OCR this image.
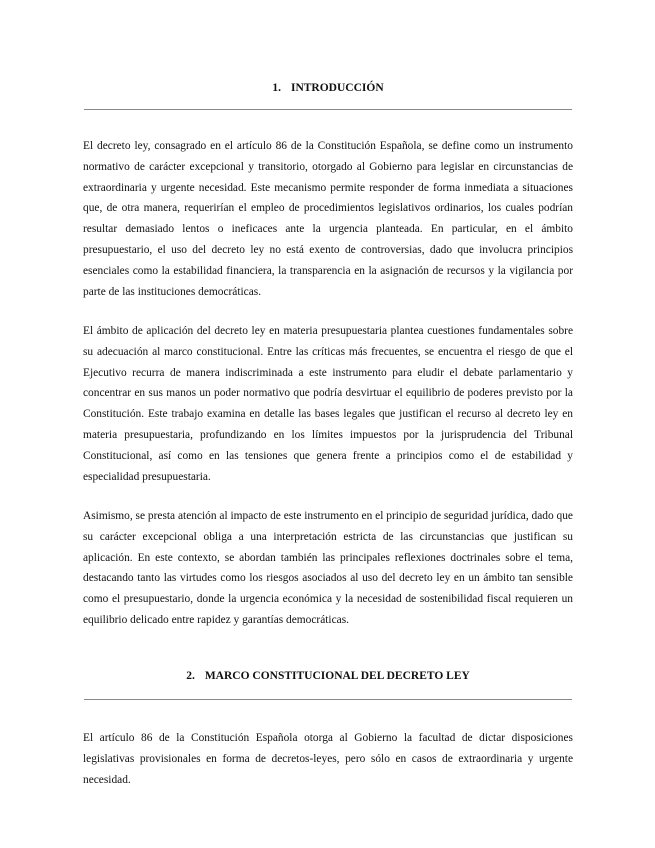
1. INTRODUCCIÓN

El decreto ley, consagrado en el artículo 86 de la Constitución Española, se define como un instrumento normativo de carácter excepcional y transitorio, otorgado al Gobierno para legislar en circunstancias de extraordinaria y urgente necesidad. Este mecanismo permite responder de forma inmediata a situaciones que, de otra manera, requerirían el empleo de procedimientos legislativos ordinarios, los cuales podrían resultar demasiado lentos o ineficaces ante la urgencia planteada. En particular, en el ámbito presupuestario, el uso del decreto ley no está exento de controversias, dado que involucra principios esenciales como la estabilidad financiera, la transparencia en la asignación de recursos y la vigilancia por parte de las instituciones democráticas.

El ámbito de aplicación del decreto ley en materia presupuestaria plantea cuestiones fundamentales sobre su adecuación al marco constitucional. Entre las críticas más frecuentes, se encuentra el riesgo de que el Ejecutivo recurra de manera indiscriminada a este instrumento para eludir el debate parlamentario y concentrar en sus manos un poder normativo que podría desvirtuar el equilibrio de poderes previsto por la Constitución. Este trabajo examina en detalle las bases legales que justifican el recurso al decreto ley en materia presupuestaria, profundizando en los límites impuestos por la jurisprudencia del Tribunal Constitucional, así como en las tensiones que genera frente a principios como el de estabilidad y especialidad presupuestaria.

Asimismo, se presta atención al impacto de este instrumento en el principio de seguridad jurídica, dado que su carácter excepcional obliga a una interpretación estricta de las circunstancias que justifican su aplicación. En este contexto, se abordan también las principales reflexiones doctrinales sobre el tema, destacando tanto las virtudes como los riesgos asociados al uso del decreto ley en un ámbito tan sensible como el presupuestario, donde la urgencia económica y la necesidad de sostenibilidad fiscal requieren un equilibrio delicado entre rapidez y garantías democráticas.

2. MARCO CONSTITUCIONAL DEL DECRETO LEY

El artículo 86 de la Constitución Española otorga al Gobierno la facultad de dictar disposiciones legislativas provisionales en forma de decretos-leyes, pero sólo en casos de extraordinaria y urgente necesidad.
